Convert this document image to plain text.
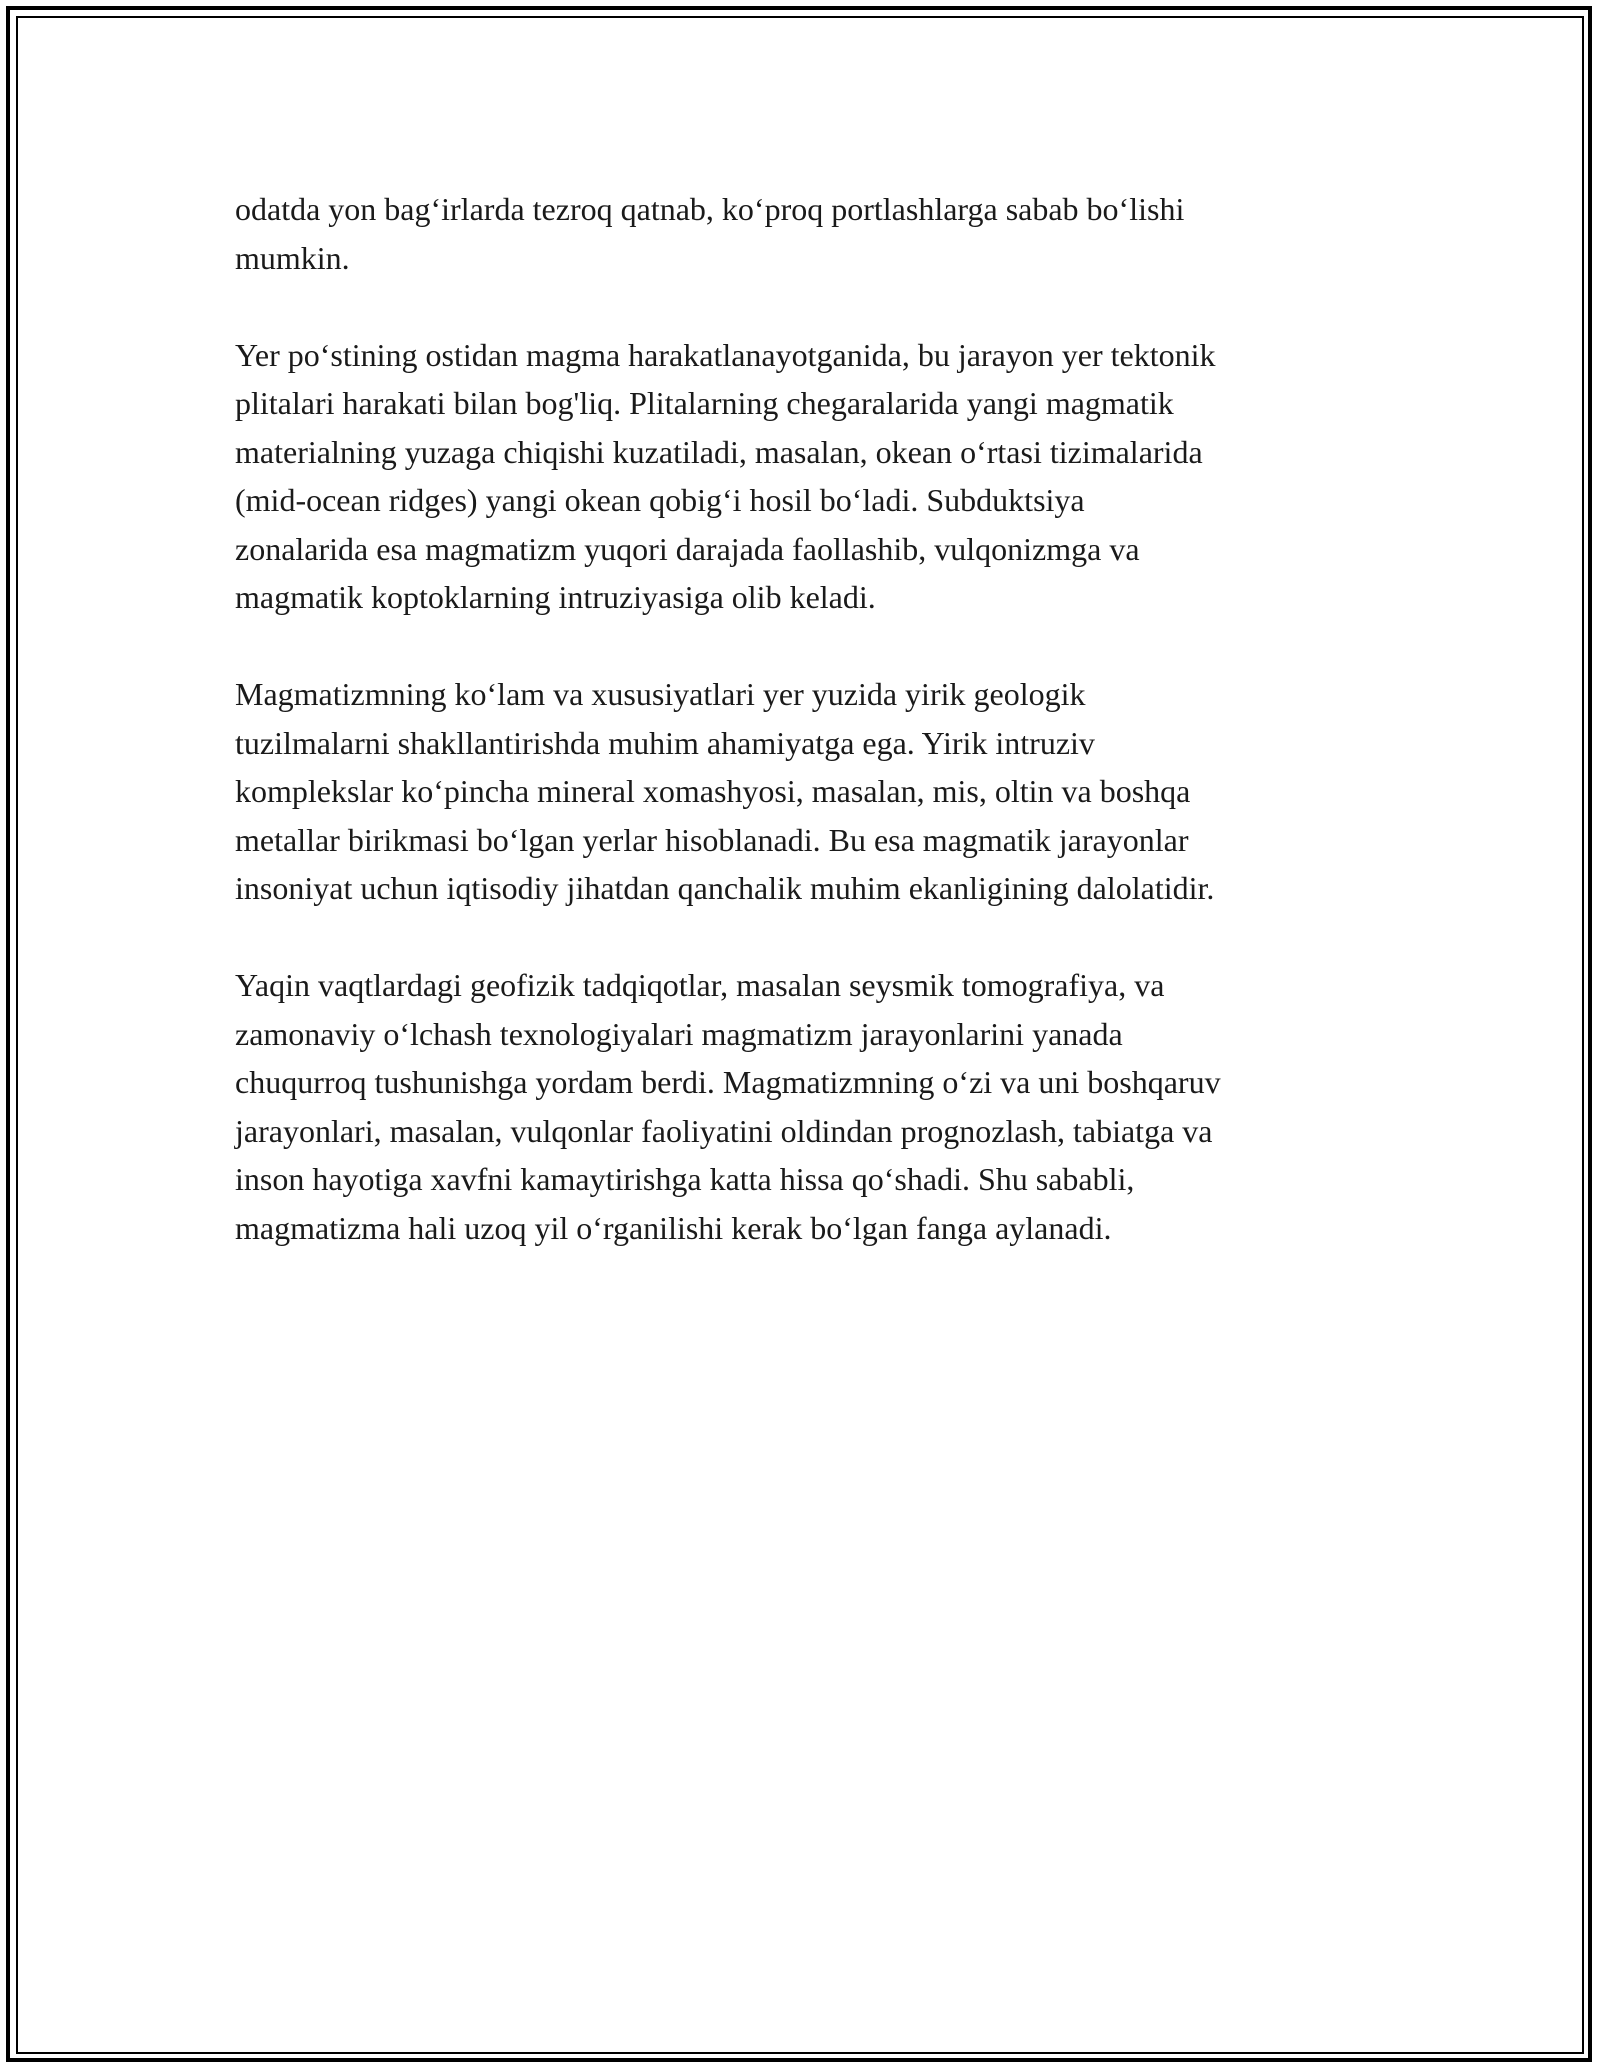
odatda yon bag‘irlarda tezroq qatnab, ko‘proq portlashlarga sabab bo‘lishi
mumkin.

Yer po‘stining ostidan magma harakatlanayotganida, bu jarayon yer tektonik
plitalari harakati bilan bog'liq. Plitalarning chegaralarida yangi magmatik
materialning yuzaga chiqishi kuzatiladi, masalan, okean o‘rtasi tizimalarida
(mid-ocean ridges) yangi okean qobig‘i hosil bo‘ladi. Subduktsiya
zonalarida esa magmatizm yuqori darajada faollashib, vulqonizmga va
magmatik koptoklarning intruziyasiga olib keladi.

Magmatizmning ko‘lam va xususiyatlari yer yuzida yirik geologik
tuzilmalarni shakllantirishda muhim ahamiyatga ega. Yirik intruziv
komplekslar ko‘pincha mineral xomashyosi, masalan, mis, oltin va boshqa
metallar birikmasi bo‘lgan yerlar hisoblanadi. Bu esa magmatik jarayonlar
insoniyat uchun iqtisodiy jihatdan qanchalik muhim ekanligining dalolatidir.

Yaqin vaqtlardagi geofizik tadqiqotlar, masalan seysmik tomografiya, va
zamonaviy o‘lchash texnologiyalari magmatizm jarayonlarini yanada
chuqurroq tushunishga yordam berdi. Magmatizmning o‘zi va uni boshqaruv
jarayonlari, masalan, vulqonlar faoliyatini oldindan prognozlash, tabiatga va
inson hayotiga xavfni kamaytirishga katta hissa qo‘shadi. Shu sababli,
magmatizma hali uzoq yil o‘rganilishi kerak bo‘lgan fanga aylanadi.
